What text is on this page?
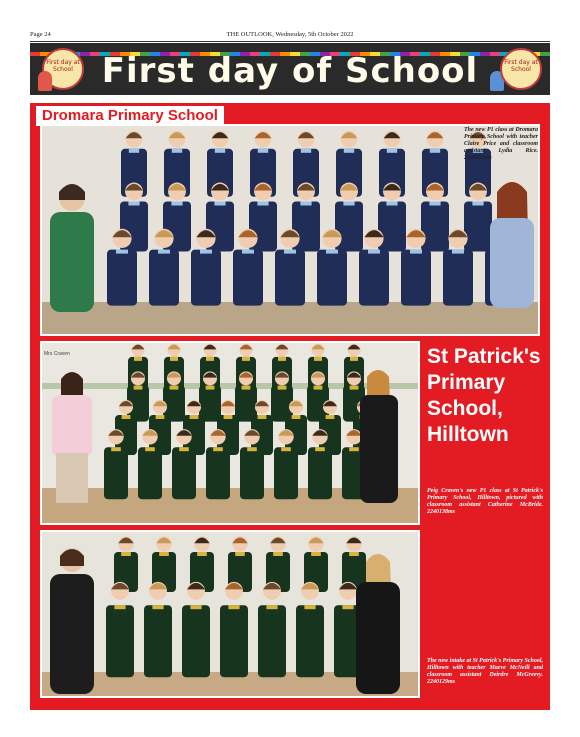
Page 24	THE OUTLOOK, Wednesday, 5th October 2022
First day at School First day of School	First day at School
Dromara Primary School
The new P1 class at Dromara Primary School with teacher Claire Price and classroom assistant Lydia Rice. 2240116ms
Mrs Craven	St Patrick's
Primary
School,
Hilltown
Peig Craven's new P1 class at St Patrick's Primary School, Hilltown, pictured with classroom assistant Catherine McBride. 2240138ms
The new intake at St Patrick's Primary School, Hilltown with teacher Maeve McNeill and classroom assistant Deirdre McGreevy. 2240129ms
